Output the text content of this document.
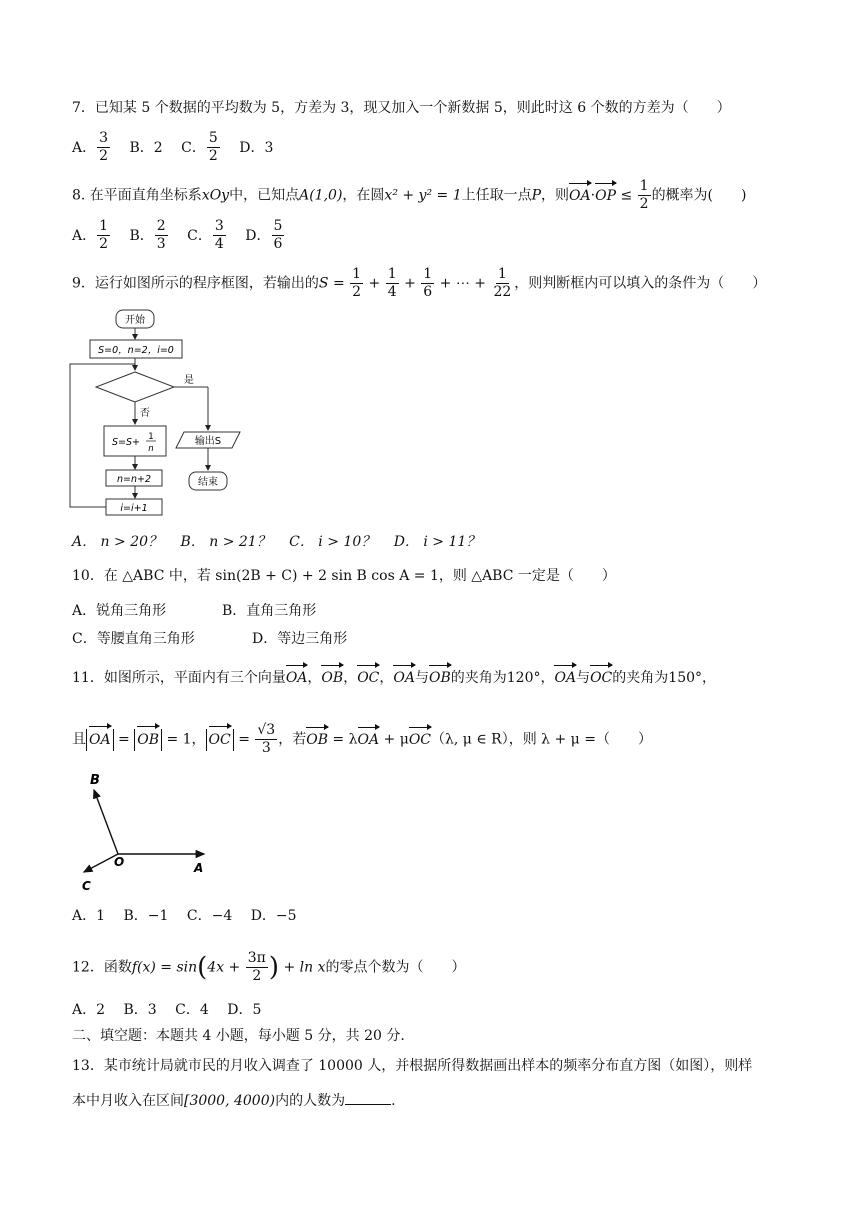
7．已知某 5 个数据的平均数为 5，方差为 3，现又加入一个新数据 5，则此时这 6 个数的方差为（　　）
A． $\frac{3}{2}$ B．2 C． $\frac{5}{2}$ D．3
8. 在平面直角坐标系xOy中，已知点A(1,0)，在圆x² + y² = 1上任取一点P，则$OA\cdot OP \le \frac{1}{2}$ 的概率为(　　)
A． $\frac{1}{2}$ B． $\frac{2}{3}$ C． $\frac{3}{4}$ D． $\frac{5}{6}$
9．运行如图所示的程序框图，若输出的$S = \frac{1}{2} + \frac{1}{4} + \frac{1}{6}$ + ⋯ + $\frac{1}{22}$ ，则判断框内可以填入的条件为（　　）
开始
S=0，n=2，i=0
是
否
S=S+ 1
n
输出S
结束
n=n+2
i=i+1
A． n > 20？ B． n > 21？ C． i > 10？ D． i > 11？
10．在 △ABC 中，若 sin(2B + C) + 2 sin B cos A = 1，则 △ABC 一定是（　　）
A．锐角三角形	B．直角三角形
C．等腰直角三角形	D．等边三角形
11．如图所示，平面内有三个向量OA，OB，OC，OA与OB的夹角为120°，OA与OC的夹角为150°，
且 OA = OB = 1， OC = $\frac{√3}{3}$ ，若OB = λOA + μOC（λ, μ ∈ R），则 λ + μ =（　　）
B
O	A
C
A．1 B．−1 C．−4 D．−5
12．函数$f(x) = \sin(4x + \frac{3\pi}{2}$ ) + ln x的零点个数为（　　）
A．2 B．3 C．4 D．5
二、填空题：本题共 4 小题，每小题 5 分，共 20 分.
13．某市统计局就市民的月收入调查了 10000 人，并根据所得数据画出样本的频率分布直方图（如图），则样
本中月收入在区间[3000, 4000)内的人数为	.
